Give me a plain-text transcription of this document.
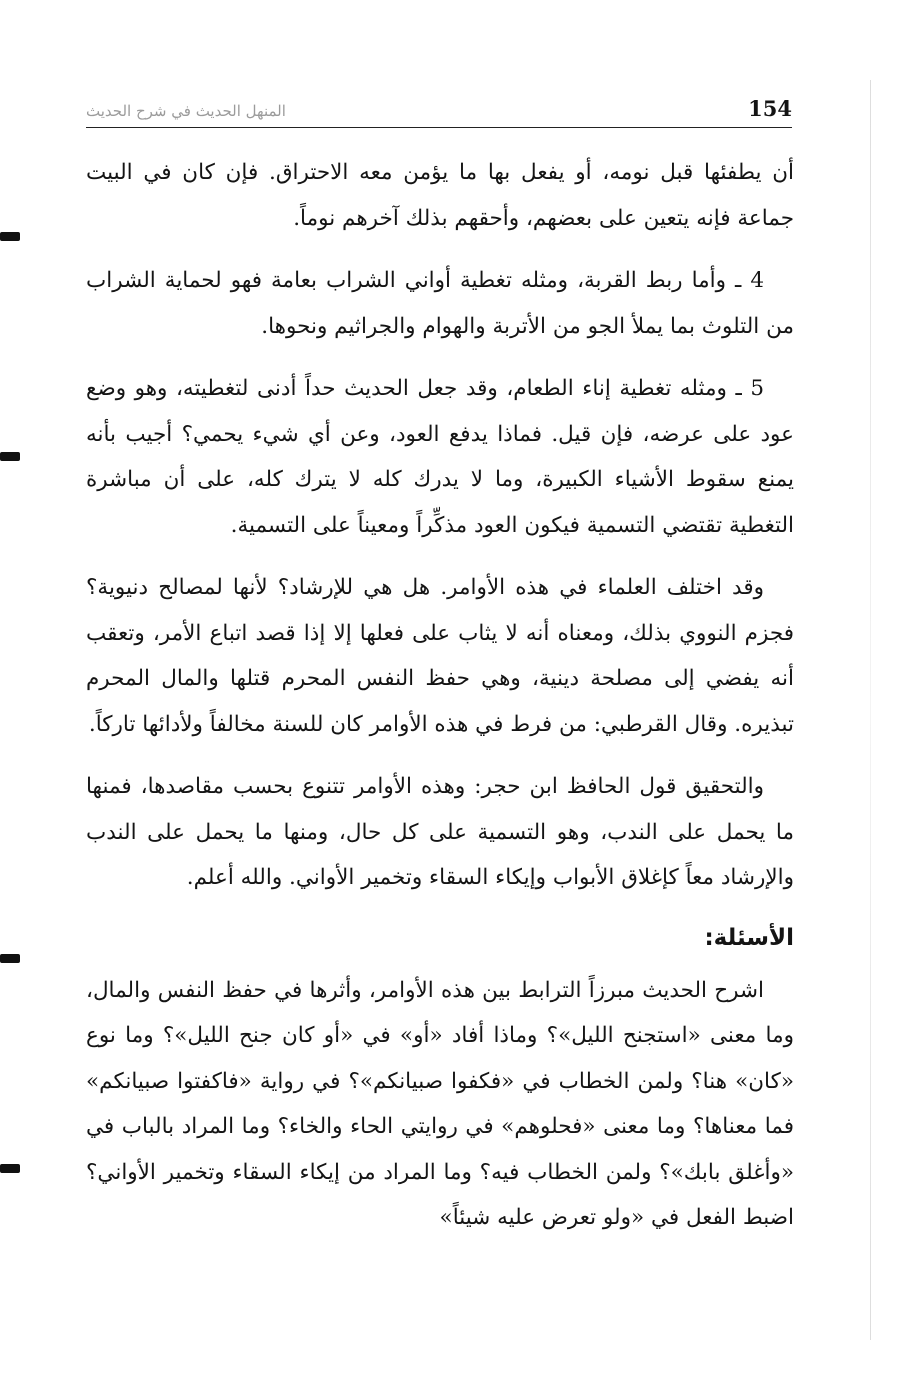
154
المنهل الحديث في شرح الحديث

أن يطفئها قبل نومه، أو يفعل بها ما يؤمن معه الاحتراق. فإن كان في البيت جماعة فإنه يتعين على بعضهم، وأحقهم بذلك آخرهم نوماً.

4 ـ وأما ربط القربة، ومثله تغطية أواني الشراب بعامة فهو لحماية الشراب من التلوث بما يملأ الجو من الأتربة والهوام والجراثيم ونحوها.

5 ـ ومثله تغطية إناء الطعام، وقد جعل الحديث حداً أدنى لتغطيته، وهو وضع عود على عرضه، فإن قيل. فماذا يدفع العود، وعن أي شيء يحمي؟ أجيب بأنه يمنع سقوط الأشياء الكبيرة، وما لا يدرك كله لا يترك كله، على أن مباشرة التغطية تقتضي التسمية فيكون العود مذكِّراً ومعيناً على التسمية.

وقد اختلف العلماء في هذه الأوامر. هل هي للإرشاد؟ لأنها لمصالح دنيوية؟ فجزم النووي بذلك، ومعناه أنه لا يثاب على فعلها إلا إذا قصد اتباع الأمر، وتعقب أنه يفضي إلى مصلحة دينية، وهي حفظ النفس المحرم قتلها والمال المحرم تبذيره. وقال القرطبي: من فرط في هذه الأوامر كان للسنة مخالفاً ولأدائها تاركاً.

والتحقيق قول الحافظ ابن حجر: وهذه الأوامر تتنوع بحسب مقاصدها، فمنها ما يحمل على الندب، وهو التسمية على كل حال، ومنها ما يحمل على الندب والإرشاد معاً كإغلاق الأبواب وإيكاء السقاء وتخمير الأواني. والله أعلم.

الأسئلة:

اشرح الحديث مبرزاً الترابط بين هذه الأوامر، وأثرها في حفظ النفس والمال، وما معنى «استجنح الليل»؟ وماذا أفاد «أو» في «أو كان جنح الليل»؟ وما نوع «كان» هنا؟ ولمن الخطاب في «فكفوا صبيانكم»؟ في رواية «فاكفتوا صبيانكم» فما معناها؟ وما معنى «فحلوهم» في روايتي الحاء والخاء؟ وما المراد بالباب في «وأغلق بابك»؟ ولمن الخطاب فيه؟ وما المراد من إيكاء السقاء وتخمير الأواني؟ اضبط الفعل في «ولو تعرض عليه شيئاً»
